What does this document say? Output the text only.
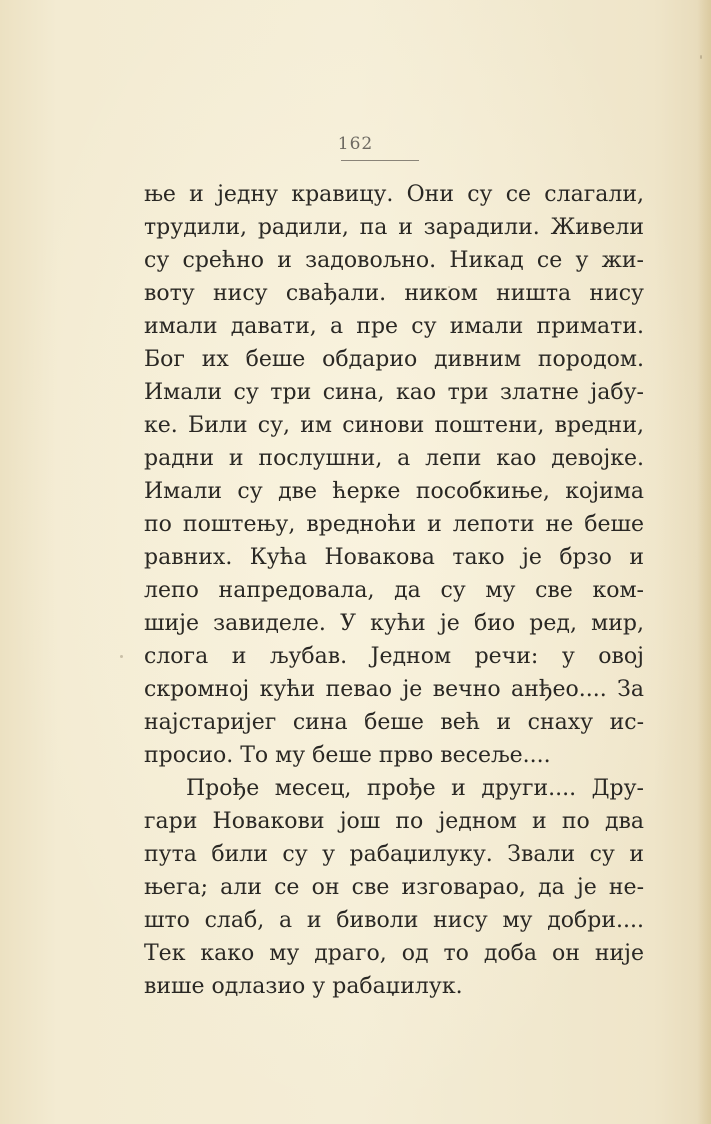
162
ње и једну кравицу. Они су се слагали,
трудили, радили, па и зарадили. Живели
су срећно и задовољно. Никад се у жи-
воту нису свађали. ником ништа нису
имали давати, а пре су имали примати.
Бог их беше обдарио дивним породом.
Имали су три сина, као три златне јабу-
ке. Били су, им синови поштени, вредни,
радни и послушни, а лепи као девојке.
Имали су две ћерке пособкиње, којима
по поштењу, вредноћи и лепоти не беше
равних. Кућа Новакова тако је брзо и
лепо напредовала, да су му све ком-
шије завиделе. У кући је био ред, мир,
слога и љубав. Једном речи: у овој
скромној кући певао је вечно анђео.... За
најстаријег сина беше већ и снаху ис-
просио. То му беше прво весеље....
Прође месец, прође и други.... Дру-
гари Новакови још по једном и по два
пута били су у рабаџилуку. Звали су и
њега; али се он све изговарао, да је не-
што слаб, а и биволи нису му добри....
Тек како му драго, од то доба он није
више одлазио у рабаџилук.
